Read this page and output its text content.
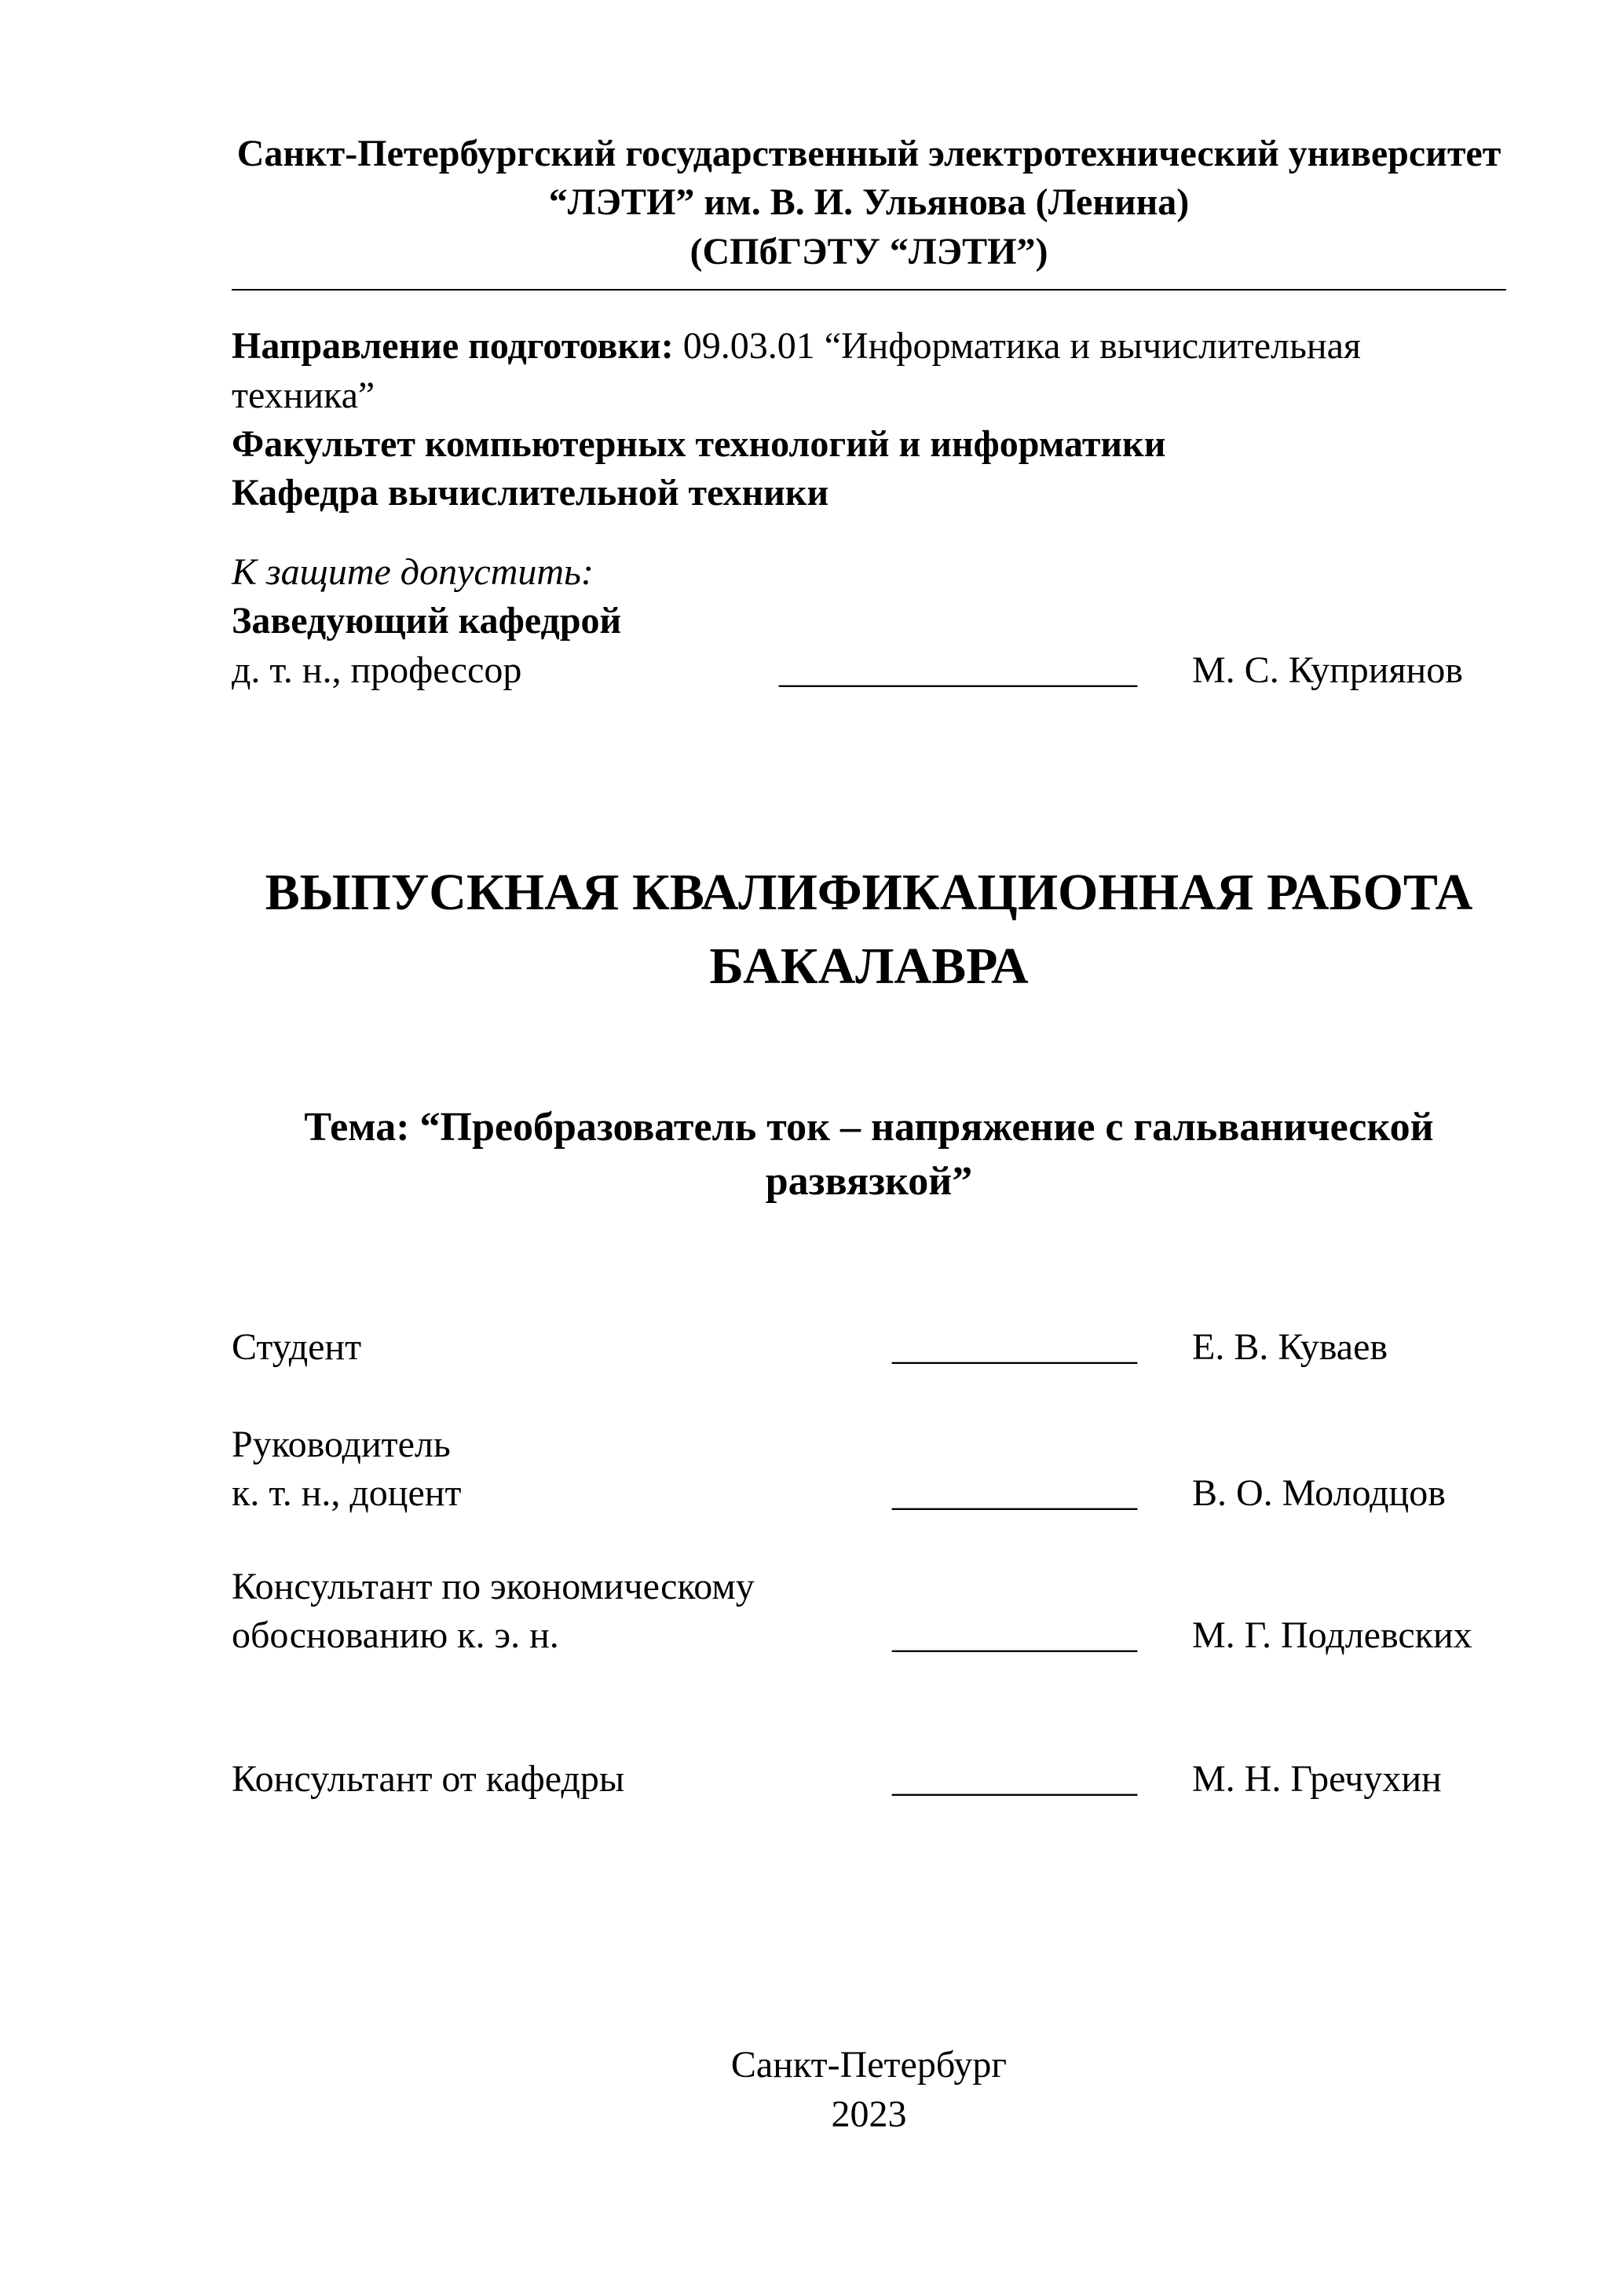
Санкт-Петербургский государственный электротехнический университет
“ЛЭТИ” им. В. И. Ульянова (Ленина)
(СПбГЭТУ “ЛЭТИ”)
Направление подготовки: 09.03.01 “Информатика и вычислительная техника”
Факультет компьютерных технологий и информатики
Кафедра вычислительной техники
К защите допустить:
Заведующий кафедрой
д. т. н., профессор	___________________ М. С. Куприянов
ВЫПУСКНАЯ КВАЛИФИКАЦИОННАЯ РАБОТА
БАКАЛАВРА
Тема: “Преобразователь ток – напряжение с гальванической развязкой”
Студент	_____________ Е. В. Куваев
Руководитель
к. т. н., доцент	_____________ В. О. Молодцов
Консультант по экономическому
обоснованию к. э. н.	_____________ М. Г. Подлевских
Консультант от кафедры	_____________ М. Н. Гречухин
Санкт-Петербург
2023
